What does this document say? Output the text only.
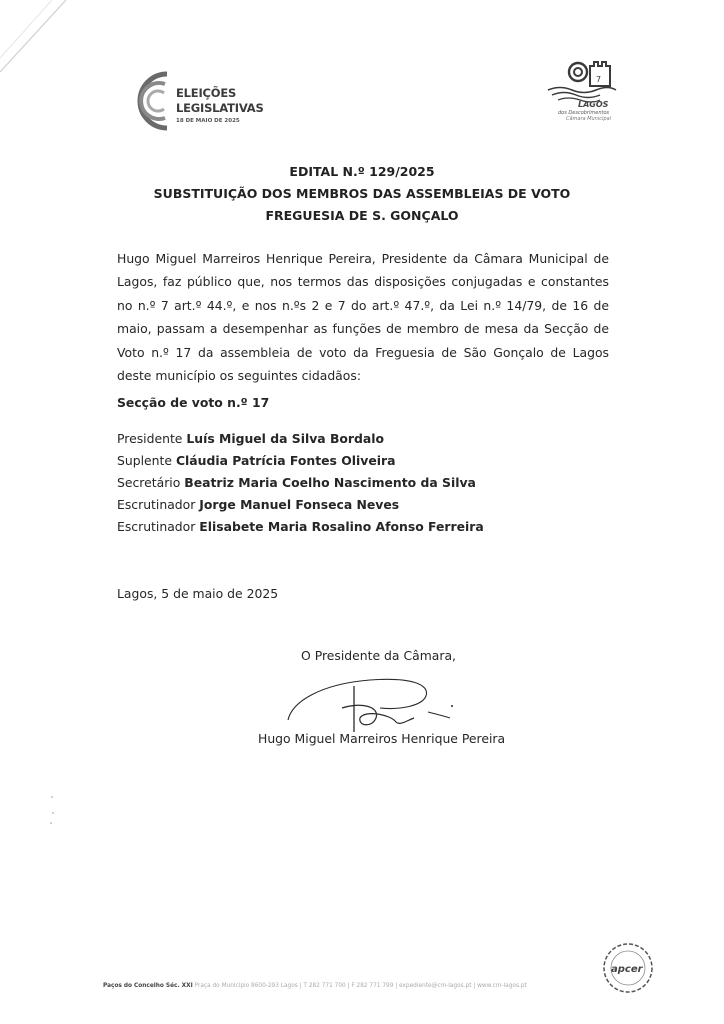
ELEIÇÕES
LEGISLATIVAS
18 DE MAIO DE 2025
7
LAGOS
dos Descobrimentos
Câmara Municipal
EDITAL N.º 129/2025
SUBSTITUIÇÃO DOS MEMBROS DAS ASSEMBLEIAS DE VOTO
FREGUESIA DE S. GONÇALO
Hugo Miguel Marreiros Henrique Pereira, Presidente da Câmara Municipal de Lagos, faz público que, nos termos das disposições conjugadas e constantes no n.º 7 art.º 44.º, e nos n.ºs 2 e 7 do art.º 47.º, da Lei n.º 14/79, de 16 de maio, passam a desempenhar as funções de membro de mesa da Secção de Voto n.º 17 da assembleia de voto da Freguesia de São Gonçalo de Lagos deste município os seguintes cidadãos:
Secção de voto n.º 17
Presidente Luís Miguel da Silva Bordalo
Suplente Cláudia Patrícia Fontes Oliveira
Secretário Beatriz Maria Coelho Nascimento da Silva
Escrutinador Jorge Manuel Fonseca Neves
Escrutinador Elisabete Maria Rosalino Afonso Ferreira
Lagos, 5 de maio de 2025
O Presidente da Câmara,
Hugo Miguel Marreiros Henrique Pereira
Paços do Concelho Séc. XXI Praça do Município 8600-293 Lagos | T 282 771 700 | F 282 771 799 | expediente@cm-lagos.pt | www.cm-lagos.pt
apcer
